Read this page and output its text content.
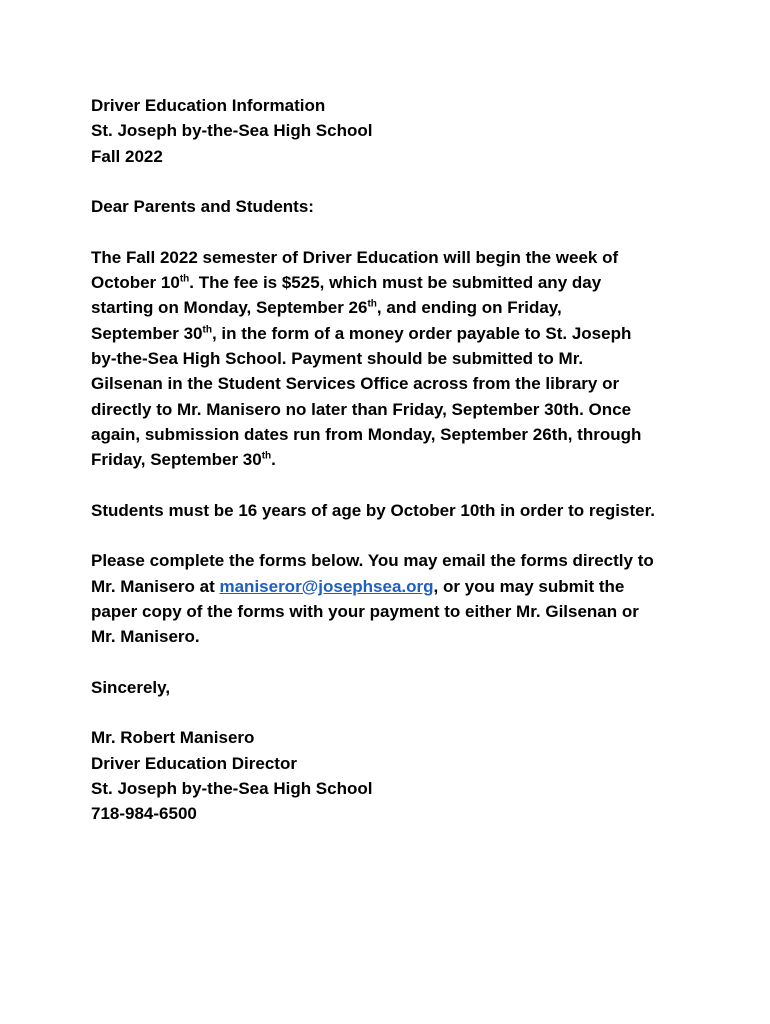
Driver Education Information
St. Joseph by-the-Sea High School
Fall 2022
Dear Parents and Students:
The Fall 2022 semester of Driver Education will begin the week of
October 10th. The fee is $525, which must be submitted any day
starting on Monday, September 26th, and ending on Friday,
September 30th, in the form of a money order payable to St. Joseph
by-the-Sea High School. Payment should be submitted to Mr.
Gilsenan in the Student Services Office across from the library or
directly to Mr. Manisero no later than Friday, September 30th. Once
again, submission dates run from Monday, September 26th, through
Friday, September 30th.
Students must be 16 years of age by October 10th in order to register.
Please complete the forms below. You may email the forms directly to
Mr. Manisero at maniseror@josephsea.org, or you may submit the
paper copy of the forms with your payment to either Mr. Gilsenan or
Mr. Manisero.
Sincerely,
Mr. Robert Manisero
Driver Education Director
St. Joseph by-the-Sea High School
718-984-6500
